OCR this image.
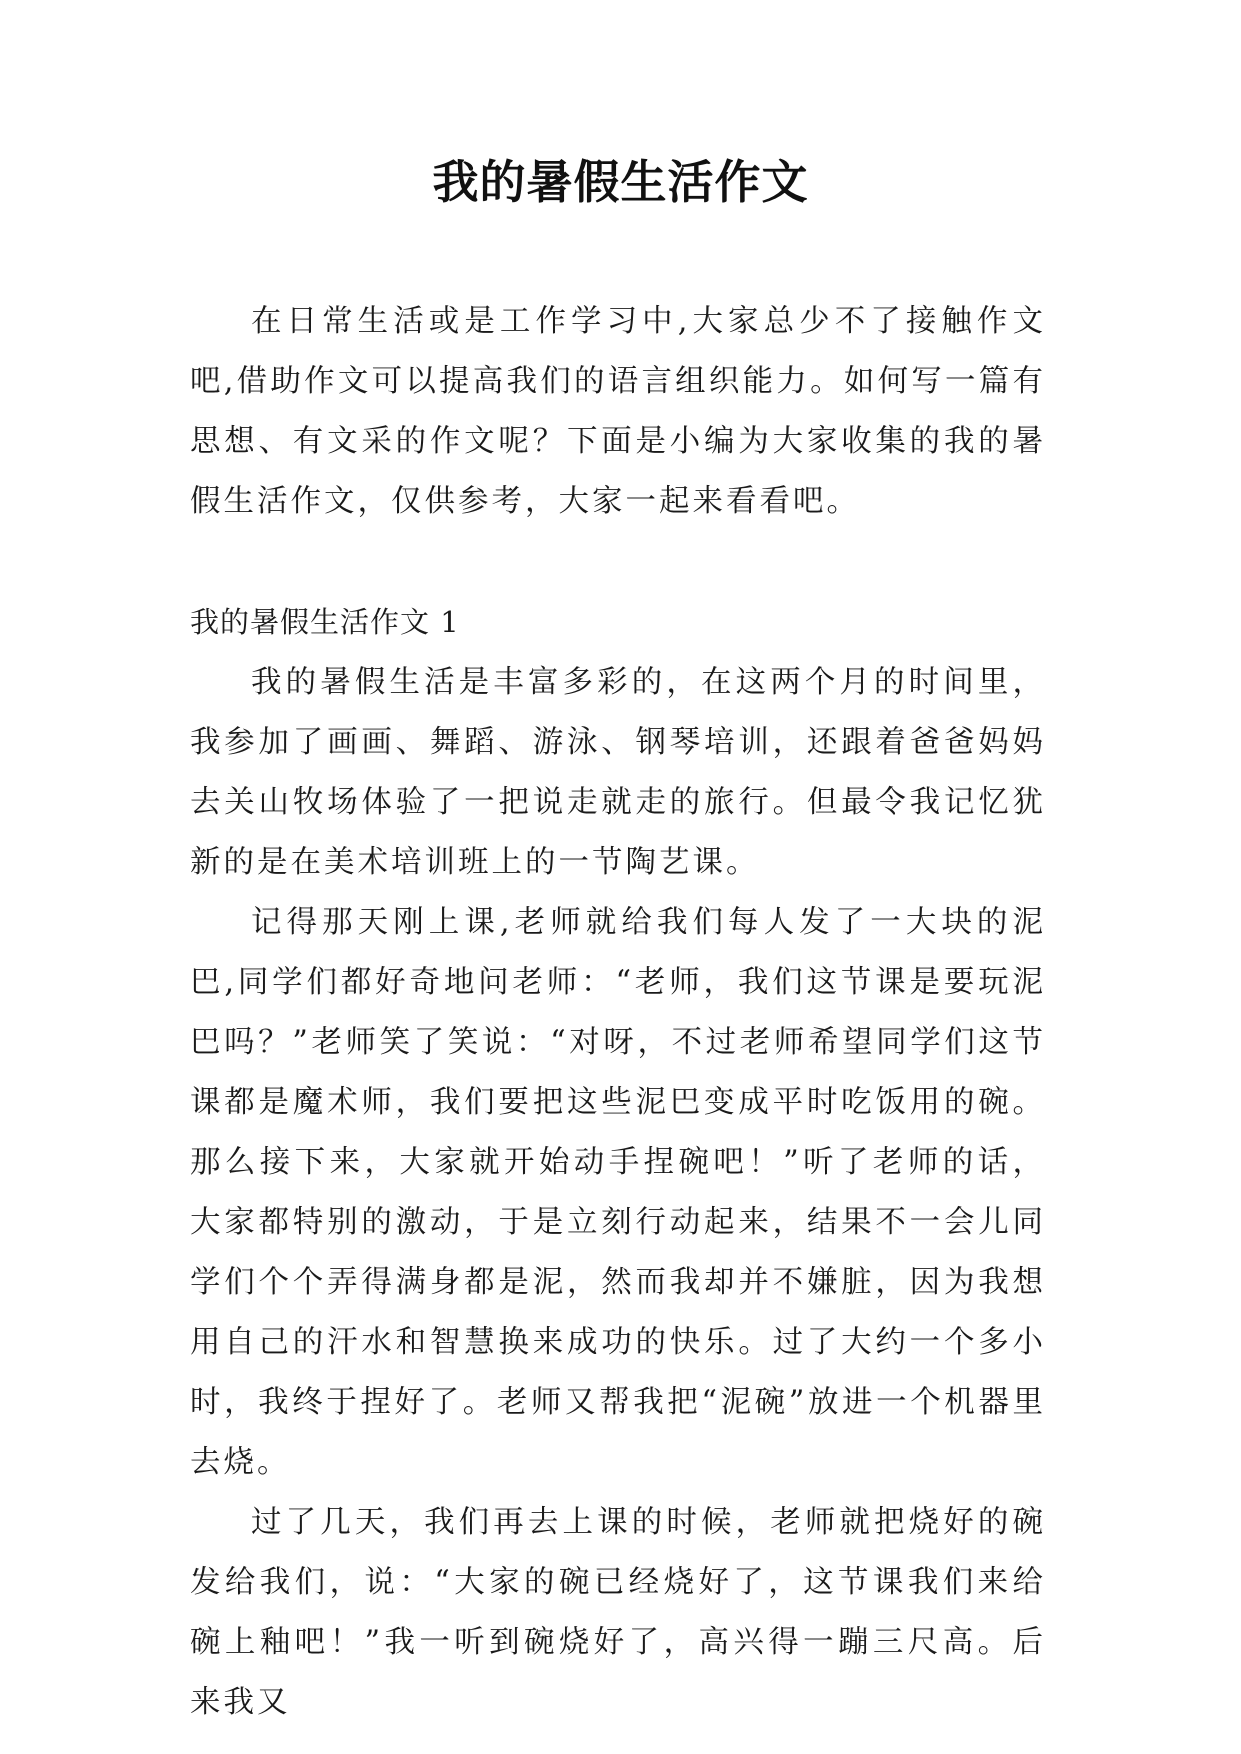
我的暑假生活作文

在日常生活或是工作学习中,大家总少不了接触作文吧,借助作文可以提高我们的语言组织能力。如何写一篇有思想、有文采的作文呢？下面是小编为大家收集的我的暑假生活作文，仅供参考，大家一起来看看吧。

我的暑假生活作文 1

我的暑假生活是丰富多彩的，在这两个月的时间里，我参加了画画、舞蹈、游泳、钢琴培训，还跟着爸爸妈妈去关山牧场体验了一把说走就走的旅行。但最令我记忆犹新的是在美术培训班上的一节陶艺课。

记得那天刚上课,老师就给我们每人发了一大块的泥巴,同学们都好奇地问老师：“老师，我们这节课是要玩泥巴吗？”老师笑了笑说：“对呀，不过老师希望同学们这节课都是魔术师，我们要把这些泥巴变成平时吃饭用的碗。那么接下来，大家就开始动手捏碗吧！”听了老师的话，大家都特别的激动，于是立刻行动起来，结果不一会儿同学们个个弄得满身都是泥，然而我却并不嫌脏，因为我想用自己的汗水和智慧换来成功的快乐。过了大约一个多小时，我终于捏好了。老师又帮我把“泥碗”放进一个机器里去烧。

过了几天，我们再去上课的时候，老师就把烧好的碗发给我们，说：“大家的碗已经烧好了，这节课我们来给碗上釉吧！”我一听到碗烧好了，高兴得一蹦三尺高。后来我又
